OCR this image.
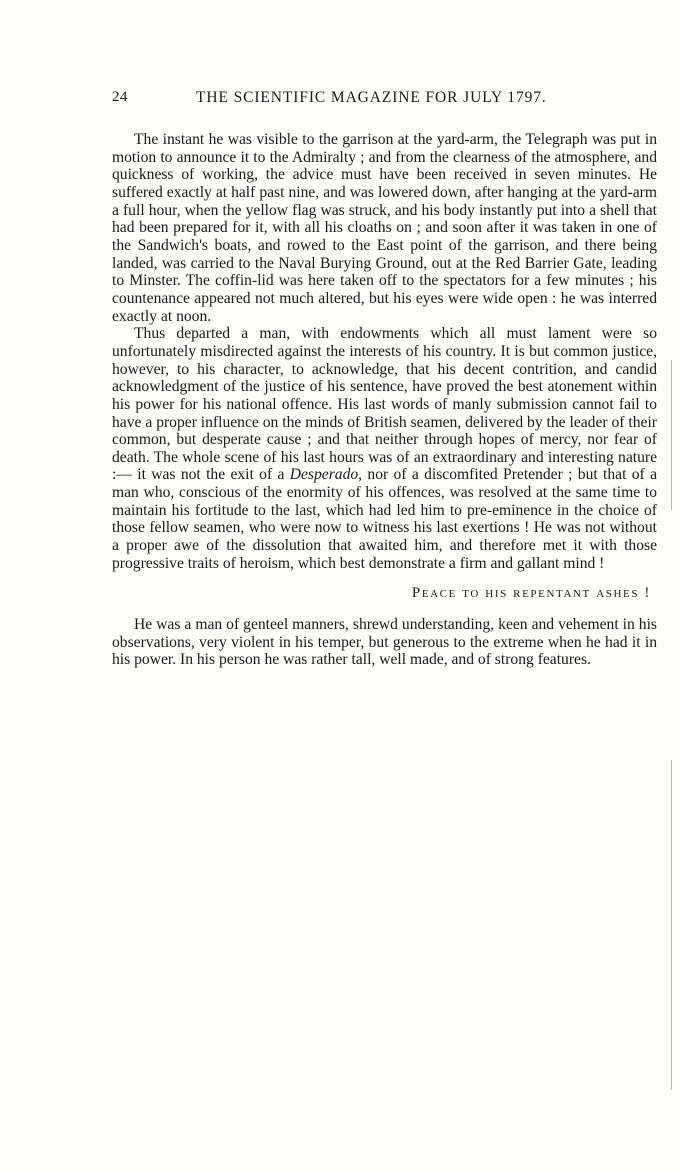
24	THE SCIENTIFIC MAGAZINE FOR JULY 1797.

The instant he was visible to the garrison at the yard-arm, the Telegraph was put in motion to announce it to the Admiralty ; and from the clearness of the atmosphere, and quickness of working, the advice must have been received in seven minutes. He suffered exactly at half past nine, and was lowered down, after hanging at the yard-arm a full hour, when the yellow flag was struck, and his body instantly put into a shell that had been prepared for it, with all his cloaths on ; and soon after it was taken in one of the Sandwich's boats, and rowed to the East point of the garrison, and there being landed, was carried to the Naval Burying Ground, out at the Red Barrier Gate, leading to Minster. The coffin-lid was here taken off to the spectators for a few minutes ; his countenance appeared not much altered, but his eyes were wide open : he was interred exactly at noon.

Thus departed a man, with endowments which all must lament were so unfortunately misdirected against the interests of his country. It is but common justice, however, to his character, to acknowledge, that his decent contrition, and candid acknowledgment of the justice of his sentence, have proved the best atonement within his power for his national offence. His last words of manly submission cannot fail to have a proper influence on the minds of British seamen, delivered by the leader of their common, but desperate cause ; and that neither through hopes of mercy, nor fear of death. The whole scene of his last hours was of an extraordinary and interesting nature :— it was not the exit of a Desperado, nor of a discomfited Pretender ; but that of a man who, conscious of the enormity of his offences, was resolved at the same time to maintain his fortitude to the last, which had led him to pre-eminence in the choice of those fellow seamen, who were now to witness his last exertions ! He was not without a proper awe of the dissolution that awaited him, and therefore met it with those progressive traits of heroism, which best demonstrate a firm and gallant mind !

Peace to his repentant ashes !

He was a man of genteel manners, shrewd understanding, keen and vehement in his observations, very violent in his temper, but generous to the extreme when he had it in his power. In his person he was rather tall, well made, and of strong features.
